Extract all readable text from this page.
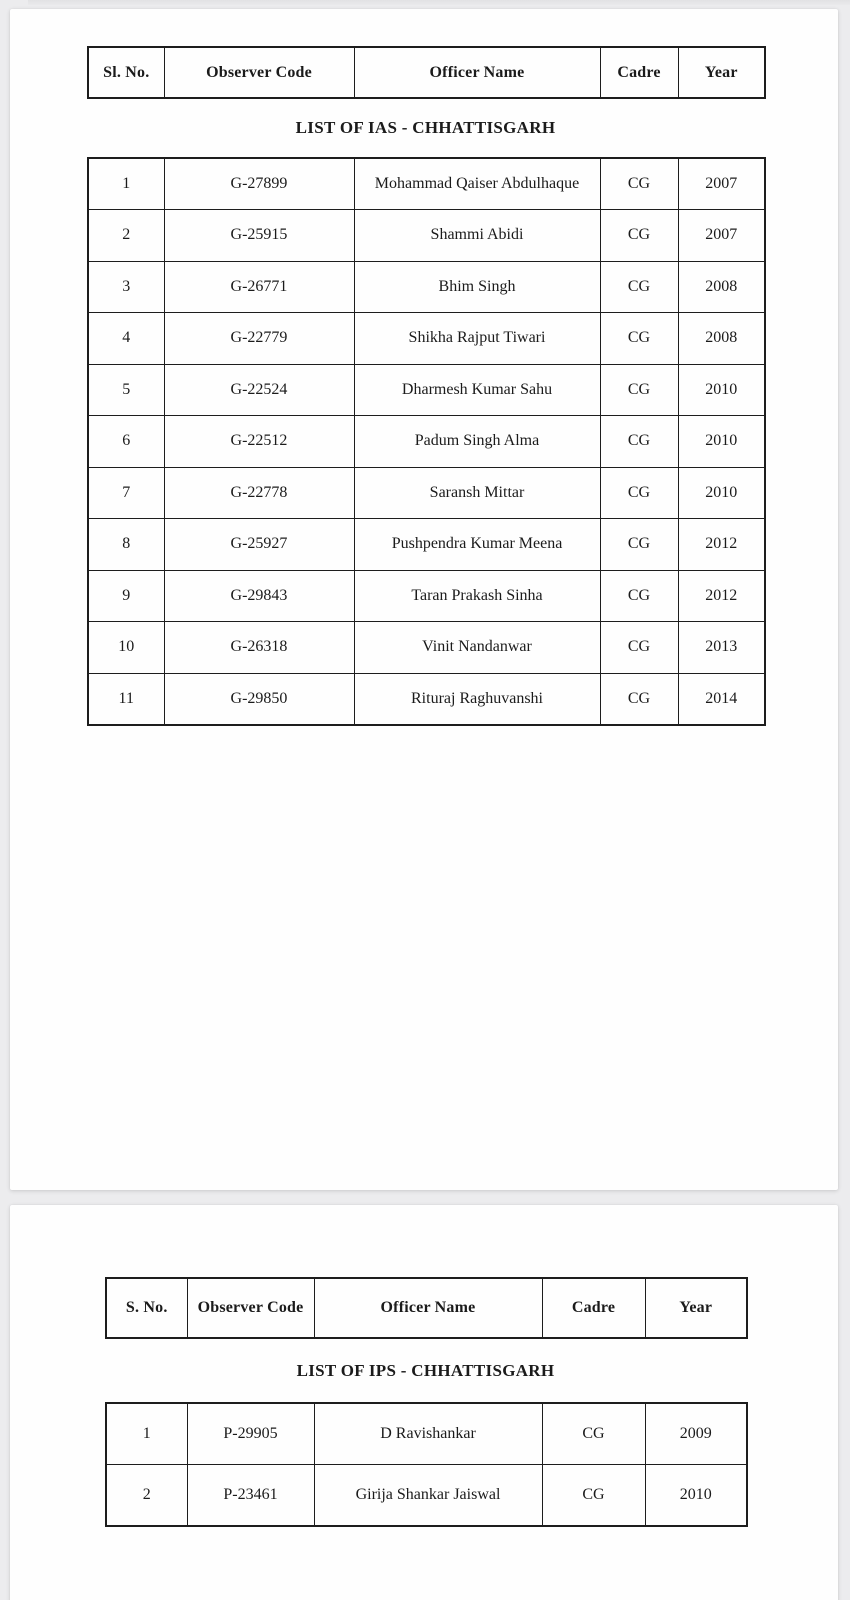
Sl. No.	Observer Code	Officer Name	Cadre	Year
LIST OF IAS - CHHATTISGARH
1	G-27899	Mohammad Qaiser Abdulhaque	CG	2007
2	G-25915	Shammi Abidi	CG	2007
3	G-26771	Bhim Singh	CG	2008
4	G-22779	Shikha Rajput Tiwari	CG	2008
5	G-22524	Dharmesh Kumar Sahu	CG	2010
6	G-22512	Padum Singh Alma	CG	2010
7	G-22778	Saransh Mittar	CG	2010
8	G-25927	Pushpendra Kumar Meena	CG	2012
9	G-29843	Taran Prakash Sinha	CG	2012
10	G-26318	Vinit Nandanwar	CG	2013
11	G-29850	Rituraj Raghuvanshi	CG	2014
S. No.	Observer Code	Officer Name	Cadre	Year
LIST OF IPS - CHHATTISGARH
1	P-29905	D Ravishankar	CG	2009
2	P-23461	Girija Shankar Jaiswal	CG	2010
